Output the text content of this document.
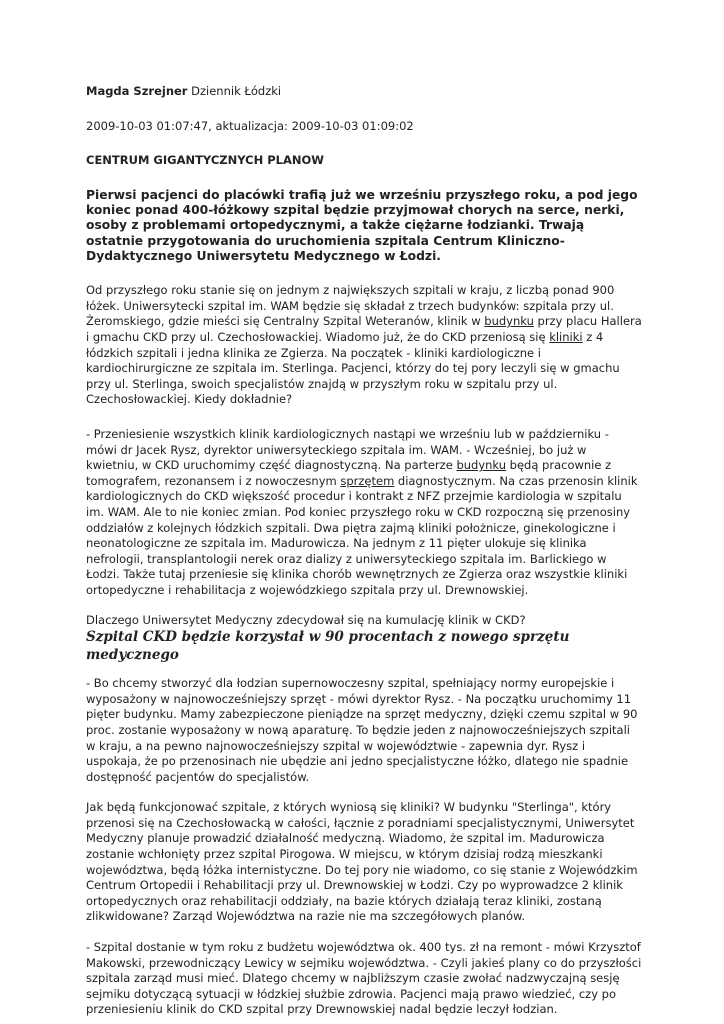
Magda Szrejner Dziennik Łódzki

2009-10-03 01:07:47, aktualizacja: 2009-10-03 01:09:02

CENTRUM GIGANTYCZNYCH PLANOW

Pierwsi pacjenci do placówki trafią już we wrześniu przyszłego roku, a pod jego koniec ponad 400-łóżkowy szpital będzie przyjmował chorych na serce, nerki, osoby z problemami ortopedycznymi, a także ciężarne łodzianki. Trwają ostatnie przygotowania do uruchomienia szpitala Centrum Kliniczno-Dydaktycznego Uniwersytetu Medycznego w Łodzi.

Od przyszłego roku stanie się on jednym z największych szpitali w kraju, z liczbą ponad 900 łóżek. Uniwersytecki szpital im. WAM będzie się składał z trzech budynków: szpitala przy ul. Żeromskiego, gdzie mieści się Centralny Szpital Weteranów, klinik w budynku przy placu Hallera i gmachu CKD przy ul. Czechosłowackiej. Wiadomo już, że do CKD przeniosą się kliniki z 4 łódzkich szpitali i jedna klinika ze Zgierza. Na początek - kliniki kardiologiczne i kardiochirurgiczne ze szpitala im. Sterlinga. Pacjenci, którzy do tej pory leczyli się w gmachu przy ul. Sterlinga, swoich specjalistów znajdą w przyszłym roku w szpitalu przy ul. Czechosłowackiej. Kiedy dokładnie?

- Przeniesienie wszystkich klinik kardiologicznych nastąpi we wrześniu lub w październiku - mówi dr Jacek Rysz, dyrektor uniwersyteckiego szpitala im. WAM. - Wcześniej, bo już w kwietniu, w CKD uruchomimy część diagnostyczną. Na parterze budynku będą pracownie z tomografem, rezonansem i z nowoczesnym sprzętem diagnostycznym. Na czas przenosin klinik kardiologicznych do CKD większość procedur i kontrakt z NFZ przejmie kardiologia w szpitalu im. WAM. Ale to nie koniec zmian. Pod koniec przyszłego roku w CKD rozpoczną się przenosiny oddziałów z kolejnych łódzkich szpitali. Dwa piętra zajmą kliniki położnicze, ginekologiczne i neonatologiczne ze szpitala im. Madurowicza. Na jednym z 11 pięter ulokuje się klinika nefrologii, transplantologii nerek oraz dializy z uniwersyteckiego szpitala im. Barlickiego w Łodzi. Także tutaj przeniesie się klinika chorób wewnętrznych ze Zgierza oraz wszystkie kliniki ortopedyczne i rehabilitacja z wojewódzkiego szpitala przy ul. Drewnowskiej.

Dlaczego Uniwersytet Medyczny zdecydował się na kumulację klinik w CKD?

Szpital CKD będzie korzystał w 90 procentach z nowego sprzętu medycznego

- Bo chcemy stworzyć dla łodzian supernowoczesny szpital, spełniający normy europejskie i wyposażony w najnowocześniejszy sprzęt - mówi dyrektor Rysz. - Na początku uruchomimy 11 pięter budynku. Mamy zabezpieczone pieniądze na sprzęt medyczny, dzięki czemu szpital w 90 proc. zostanie wyposażony w nową aparaturę. To będzie jeden z najnowocześniejszych szpitali w kraju, a na pewno najnowocześniejszy szpital w województwie - zapewnia dyr. Rysz i uspokaja, że po przenosinach nie ubędzie ani jedno specjalistyczne łóżko, dlatego nie spadnie dostępność pacjentów do specjalistów.

Jak będą funkcjonować szpitale, z których wyniosą się kliniki? W budynku "Sterlinga", który przenosi się na Czechosłowacką w całości, łącznie z poradniami specjalistycznymi, Uniwersytet Medyczny planuje prowadzić działalność medyczną. Wiadomo, że szpital im. Madurowicza zostanie wchłonięty przez szpital Pirogowa. W miejscu, w którym dzisiaj rodzą mieszkanki województwa, będą łóżka internistyczne. Do tej pory nie wiadomo, co się stanie z Wojewódzkim Centrum Ortopedii i Rehabilitacji przy ul. Drewnowskiej w Łodzi. Czy po wyprowadzce 2 klinik ortopedycznych oraz rehabilitacji oddziały, na bazie których działają teraz kliniki, zostaną zlikwidowane? Zarząd Województwa na razie nie ma szczegółowych planów.

- Szpital dostanie w tym roku z budżetu województwa ok. 400 tys. zł na remont - mówi Krzysztof Makowski, przewodniczący Lewicy w sejmiku województwa. - Czyli jakieś plany co do przyszłości szpitala zarząd musi mieć. Dlatego chcemy w najbliższym czasie zwołać nadzwyczajną sesję sejmiku dotyczącą sytuacji w łódzkiej służbie zdrowia. Pacjenci mają prawo wiedzieć, czy po przeniesieniu klinik do CKD szpital przy Drewnowskiej nadal będzie leczył łodzian.
